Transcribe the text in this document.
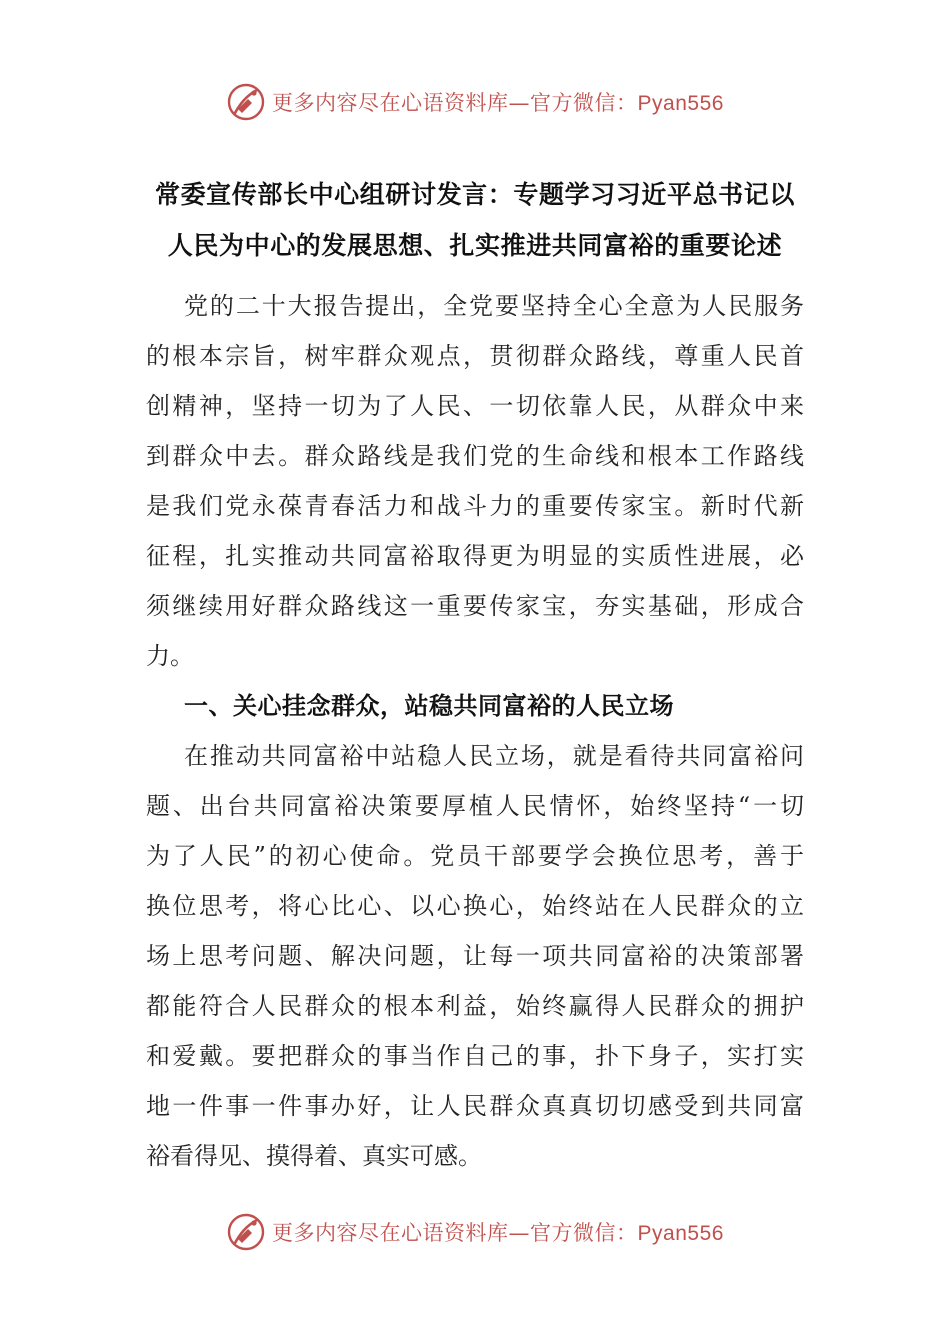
更多内容尽在心语资料库—官方微信：Pyan556
常委宣传部长中心组研讨发言：专题学习习近平总书记以
人民为中心的发展思想、扎实推进共同富裕的重要论述
党的二十大报告提出，全党要坚持全心全意为人民服务
的根本宗旨，树牢群众观点，贯彻群众路线，尊重人民首
创精神，坚持一切为了人民、一切依靠人民，从群众中来
到群众中去。群众路线是我们党的生命线和根本工作路线
是我们党永葆青春活力和战斗力的重要传家宝。新时代新
征程，扎实推动共同富裕取得更为明显的实质性进展，必
须继续用好群众路线这一重要传家宝，夯实基础，形成合
力。
一、关心挂念群众，站稳共同富裕的人民立场
在推动共同富裕中站稳人民立场，就是看待共同富裕问
题、出台共同富裕决策要厚植人民情怀，始终坚持“一切
为了人民”的初心使命。党员干部要学会换位思考，善于
换位思考，将心比心、以心换心，始终站在人民群众的立
场上思考问题、解决问题，让每一项共同富裕的决策部署
都能符合人民群众的根本利益，始终赢得人民群众的拥护
和爱戴。要把群众的事当作自己的事，扑下身子，实打实
地一件事一件事办好，让人民群众真真切切感受到共同富
裕看得见、摸得着、真实可感。
更多内容尽在心语资料库—官方微信：Pyan556
